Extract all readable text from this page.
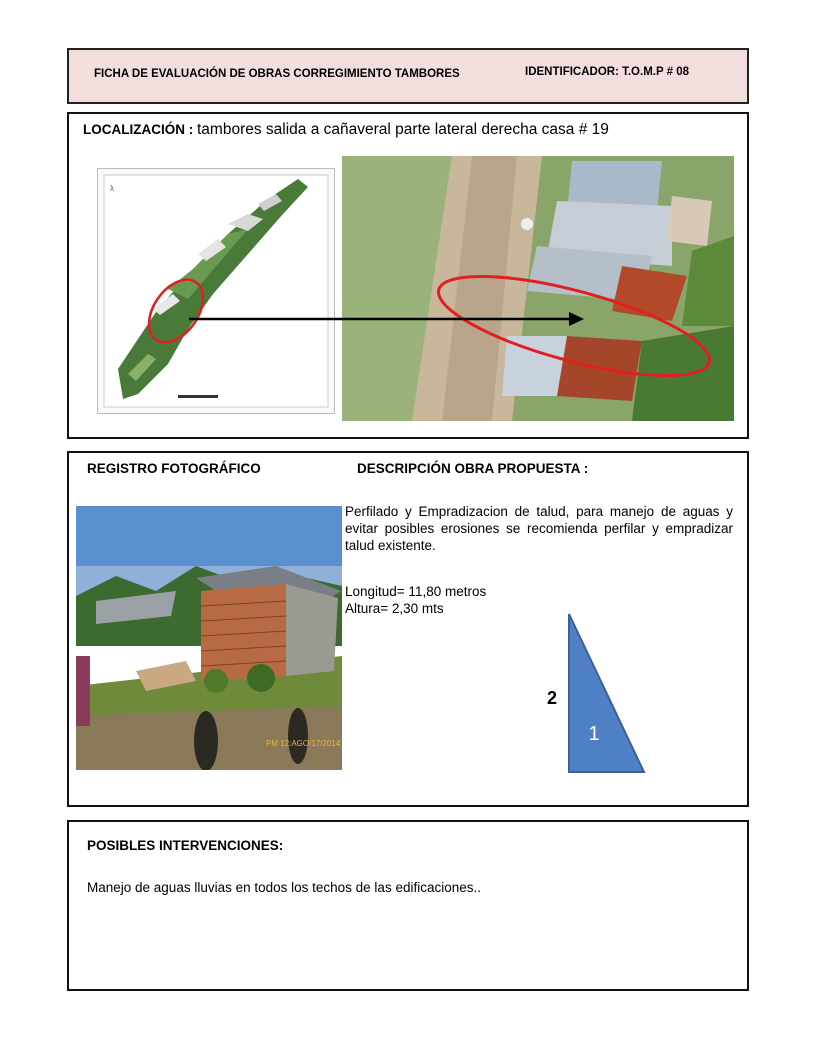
FICHA DE EVALUACIÓN DE OBRAS CORREGIMIENTO TAMBORES	IDENTIFICADOR: T.O.M.P # 08
LOCALIZACIÓN : tambores salida a cañaveral parte lateral derecha casa # 19
λ
REGISTRO FOTOGRÁFICO	DESCRIPCIÓN OBRA PROPUESTA :
PM 12:AGO/17/2014

Perfilado y Empradizacion de talud, para manejo de aguas y evitar posibles erosiones se recomienda perfilar y empradizar talud existente.

Longitud= 11,80 metros
Altura= 2,30 mts
2
1
POSIBLES INTERVENCIONES:
Manejo de aguas lluvias en todos los techos de las edificaciones..
